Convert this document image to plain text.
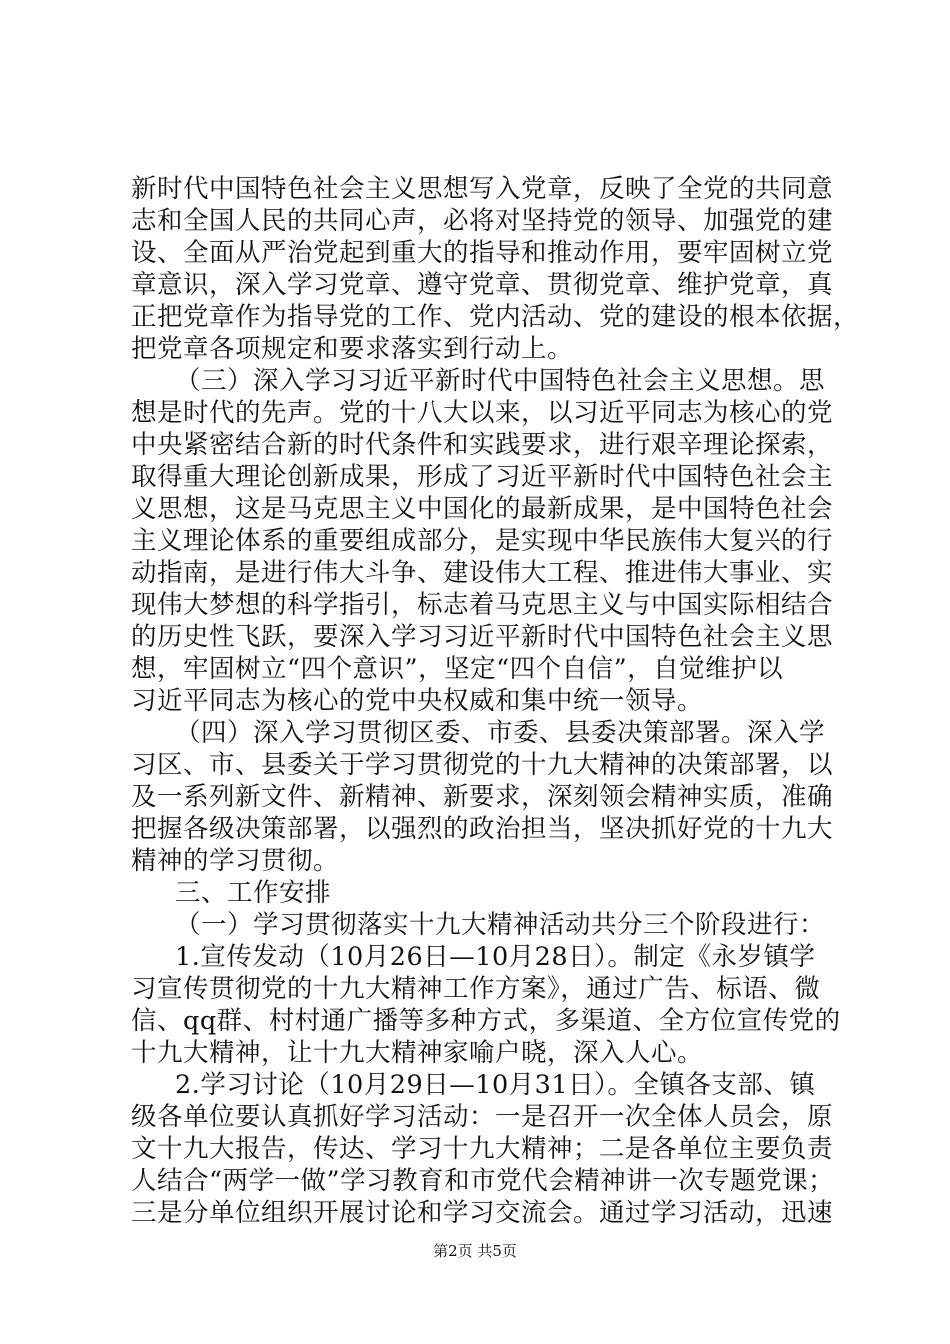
新时代中国特色社会主义思想写入党章，反映了全党的共同意
志和全国人民的共同心声，必将对坚持党的领导、加强党的建
设、全面从严治党起到重大的指导和推动作用，要牢固树立党
章意识，深入学习党章、遵守党章、贯彻党章、维护党章，真
正把党章作为指导党的工作、党内活动、党的建设的根本依据，
把党章各项规定和要求落实到行动上。
（三）深入学习习近平新时代中国特色社会主义思想。思
想是时代的先声。党的十八大以来，以习近平同志为核心的党
中央紧密结合新的时代条件和实践要求，进行艰辛理论探索，
取得重大理论创新成果，形成了习近平新时代中国特色社会主
义思想，这是马克思主义中国化的最新成果，是中国特色社会
主义理论体系的重要组成部分，是实现中华民族伟大复兴的行
动指南，是进行伟大斗争、建设伟大工程、推进伟大事业、实
现伟大梦想的科学指引，标志着马克思主义与中国实际相结合
的历史性飞跃，要深入学习习近平新时代中国特色社会主义思
想，牢固树立“四个意识”，坚定“四个自信”，自觉维护以
习近平同志为核心的党中央权威和集中统一领导。
（四）深入学习贯彻区委、市委、县委决策部署。深入学
习区、市、县委关于学习贯彻党的十九大精神的决策部署，以
及一系列新文件、新精神、新要求，深刻领会精神实质，准确
把握各级决策部署，以强烈的政治担当，坚决抓好党的十九大
精神的学习贯彻。
三、工作安排
（一）学习贯彻落实十九大精神活动共分三个阶段进行：
1.宣传发动（10月26日—10月28日）。制定《永岁镇学
习宣传贯彻党的十九大精神工作方案》，通过广告、标语、微
信、qq群、村村通广播等多种方式，多渠道、全方位宣传党的
十九大精神，让十九大精神家喻户晓，深入人心。
2.学习讨论（10月29日—10月31日）。全镇各支部、镇
级各单位要认真抓好学习活动：一是召开一次全体人员会，原
文十九大报告，传达、学习十九大精神；二是各单位主要负责
人结合“两学一做”学习教育和市党代会精神讲一次专题党课；
三是分单位组织开展讨论和学习交流会。通过学习活动，迅速
第2页 共5页
